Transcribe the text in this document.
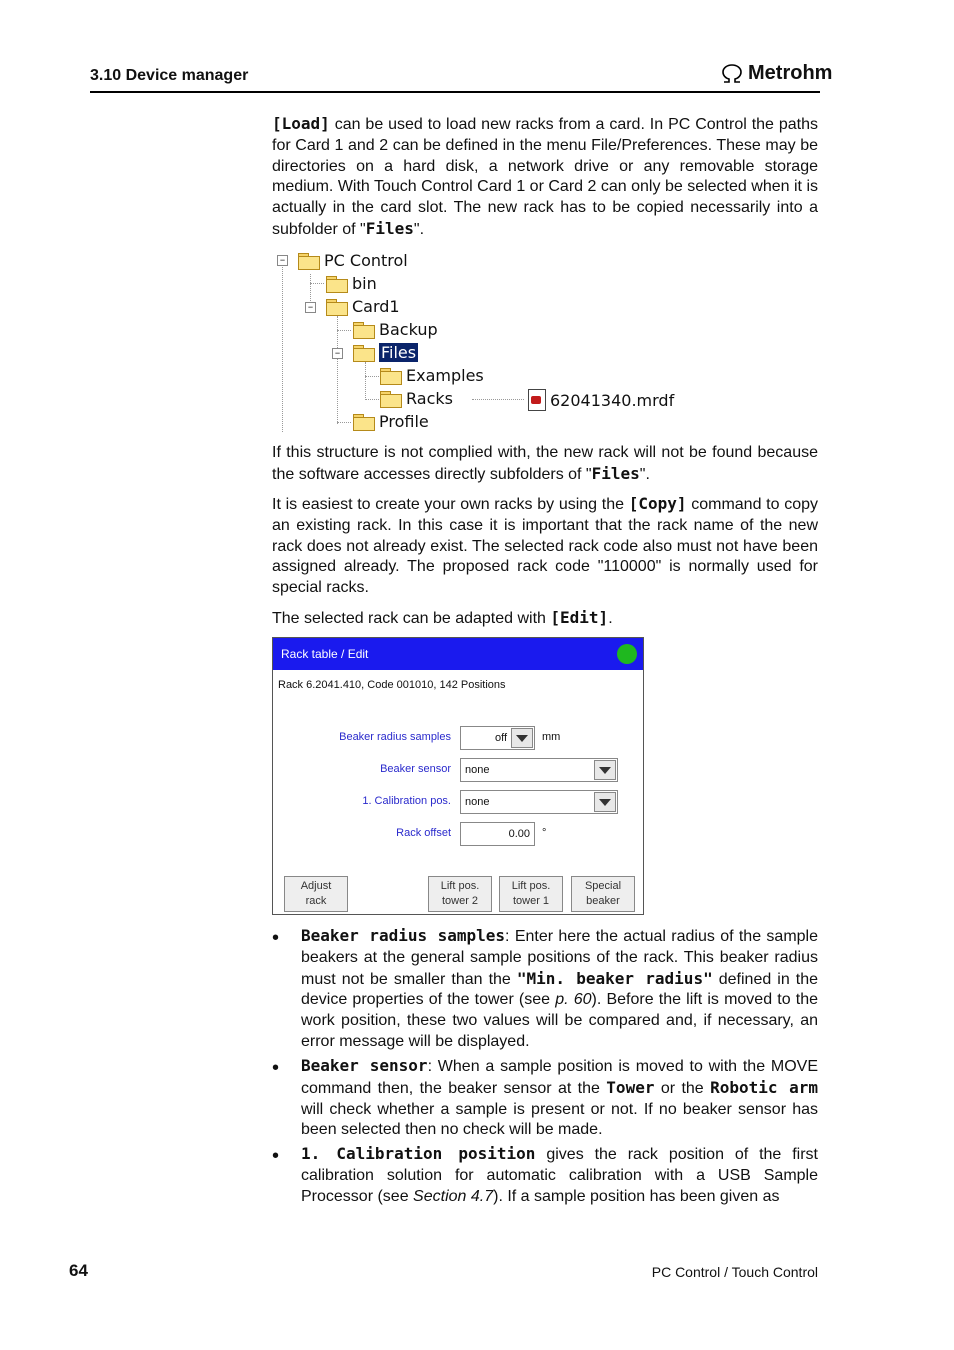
3.10 Device manager	Metrohm

[Load] can be used to load new racks from a card. In PC Control the paths for Card 1 and 2 can be defined in the menu File/Preferences. These may be directories on a hard disk, a network drive or any removable storage medium. With Touch Control Card 1 or Card 2 can only be selected when it is actually in the card slot. The new rack has to be copied necessarily into a subfolder of "Files".

− PC Control
bin
− Card1
Backup
−	Files
Examples
Racks
Profile
62041340.mrdf

If this structure is not complied with, the new rack will not be found because the software accesses directly subfolders of "Files".

It is easiest to create your own racks by using the [Copy] command to copy an existing rack. In this case it is important that the rack name of the new rack does not already exist. The selected rack code also must not have been assigned already. The proposed rack code "110000" is normally used for special racks.

The selected rack can be adapted with [Edit].

Rack table / Edit
Rack 6.2041.410, Code 001010, 142 Positions
Beaker radius samples	off	mm
Beaker sensor	none
1. Calibration pos.	none
Rack offset	0.00	°
Adjust
rack
Lift pos.
tower 2
Lift pos.
tower 1
Special
beaker
• Beaker radius samples: Enter here the actual radius of the sample beakers at the general sample positions of the rack. This beaker radius must not be smaller than the "Min. beaker radius" defined in the device properties of the tower (see p. 60). Before the lift is moved to the work position, these two values will be compared and, if necessary, an error message will be displayed.

• Beaker sensor: When a sample position is moved to with the MOVE command then, the beaker sensor at the Tower or the Robotic arm will check whether a sample is present or not. If no beaker sensor has been selected then no check will be made.

• 1. Calibration position gives the rack position of the first calibration solution for automatic calibration with a USB Sample Processor (see Section 4.7). If a sample position has been given as

64	PC Control / Touch Control
